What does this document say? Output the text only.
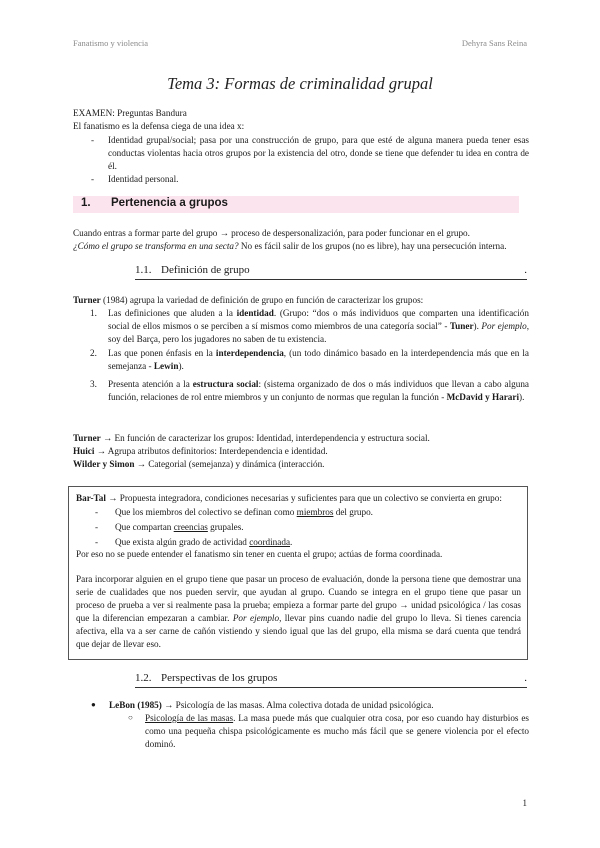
Fanatismo y violencia	Dehyra Sans Reina
Tema 3: Formas de criminalidad grupal
EXAMEN: Preguntas Bandura
El fanatismo es la defensa ciega de una idea x:
- Identidad grupal/social; pasa por una construcción de grupo, para que esté de alguna manera pueda tener esas conductas violentas hacia otros grupos por la existencia del otro, donde se tiene que defender tu idea en contra de él.
- Identidad personal.
1. Pertenencia a grupos
Cuando entras a formar parte del grupo → proceso de despersonalización, para poder funcionar en el grupo.
¿Cómo el grupo se transforma en una secta? No es fácil salir de los grupos (no es libre), hay una persecución interna.
1.1. Definición de grupo	.
Turner (1984) agrupa la variedad de definición de grupo en función de caracterizar los grupos:
1. Las definiciones que aluden a la identidad. (Grupo: “dos o más individuos que comparten una identificación social de ellos mismos o se perciben a sí mismos como miembros de una categoría social” - Tuner). Por ejemplo, soy del Barça, pero los jugadores no saben de tu existencia.
2. Las que ponen énfasis en la interdependencia, (un todo dinámico basado en la interdependencia más que en la semejanza - Lewin).
3. Presenta atención a la estructura social: (sistema organizado de dos o más individuos que llevan a cabo alguna función, relaciones de rol entre miembros y un conjunto de normas que regulan la función - McDavid y Harari).
Turner → En función de caracterizar los grupos: Identidad, interdependencia y estructura social.
Huici → Agrupa atributos definitorios: Interdependencia e identidad.
Wilder y Simon → Categorial (semejanza) y dinámica (interacción.
Bar-Tal → Propuesta integradora, condiciones necesarias y suficientes para que un colectivo se convierta en grupo:
- Que los miembros del colectivo se definan como miembros del grupo.
- Que compartan creencias grupales.
- Que exista algún grado de actividad coordinada.
Por eso no se puede entender el fanatismo sin tener en cuenta el grupo; actúas de forma coordinada.
Para incorporar alguien en el grupo tiene que pasar un proceso de evaluación, donde la persona tiene que demostrar una serie de cualidades que nos pueden servir, que ayudan al grupo. Cuando se integra en el grupo tiene que pasar un proceso de prueba a ver si realmente pasa la prueba; empieza a formar parte del grupo → unidad psicológica / las cosas que la diferencian empezaran a cambiar. Por ejemplo, llevar pins cuando nadie del grupo lo lleva. Si tienes carencia afectiva, ella va a ser carne de cañón vistiendo y siendo igual que las del grupo, ella misma se dará cuenta que tendrá que dejar de llevar eso.
1.2. Perspectivas de los grupos	.
● LeBon (1985) → Psicología de las masas. Alma colectiva dotada de unidad psicológica.
○ Psicología de las masas. La masa puede más que cualquier otra cosa, por eso cuando hay disturbios es como una pequeña chispa psicológicamente es mucho más fácil que se genere violencia por el efecto dominó.
1
